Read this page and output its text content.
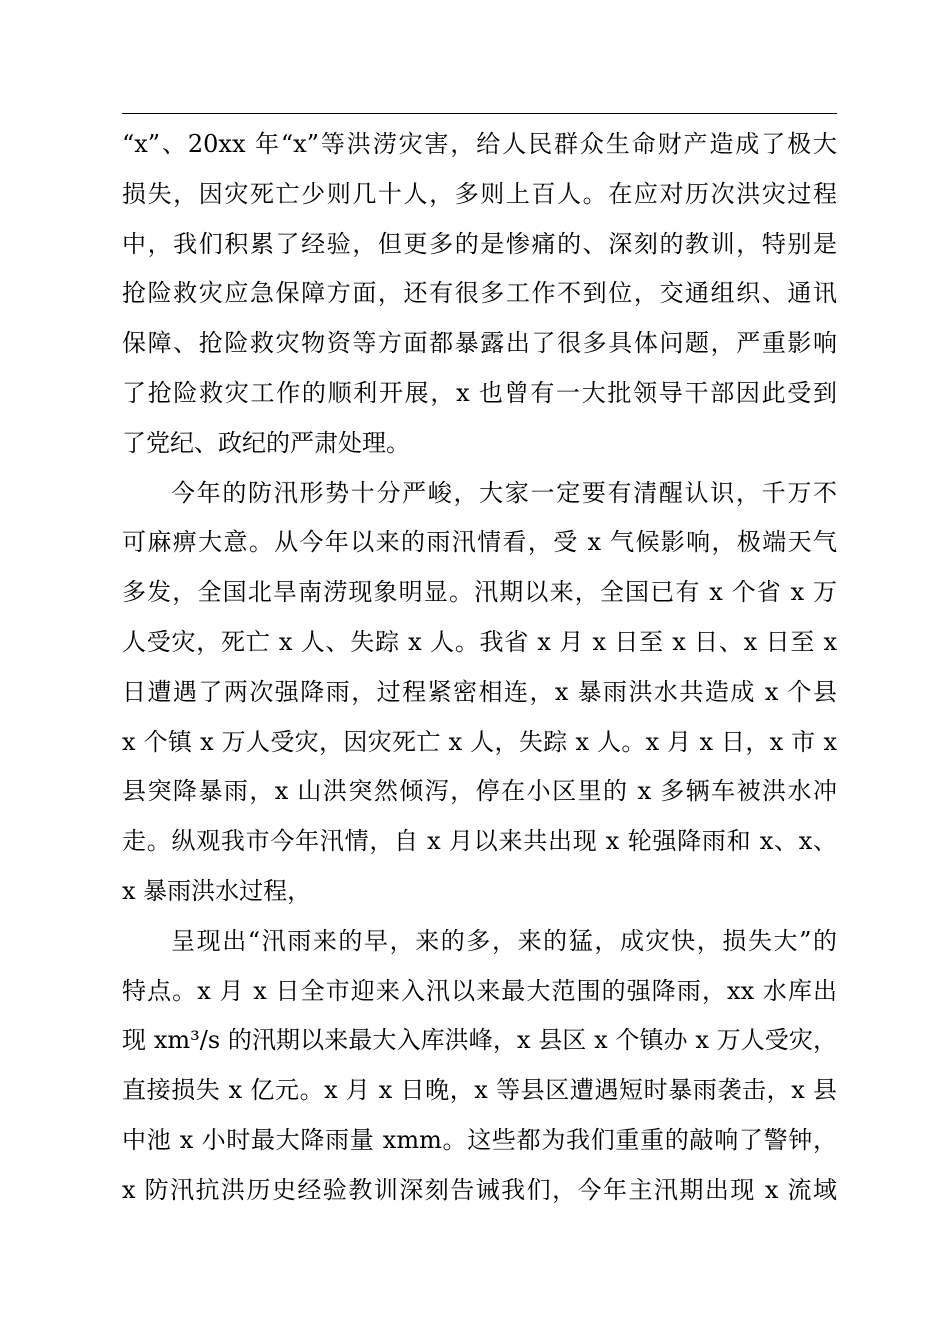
“x”、20xx 年“x”等洪涝灾害，给人民群众生命财产造成了极大
损失，因灾死亡少则几十人，多则上百人。在应对历次洪灾过程
中，我们积累了经验，但更多的是惨痛的、深刻的教训，特别是
抢险救灾应急保障方面，还有很多工作不到位，交通组织、通讯
保障、抢险救灾物资等方面都暴露出了很多具体问题，严重影响
了抢险救灾工作的顺利开展，x 也曾有一大批领导干部因此受到
了党纪、政纪的严肃处理。
今年的防汛形势十分严峻，大家一定要有清醒认识，千万不
可麻痹大意。从今年以来的雨汛情看，受 x 气候影响，极端天气
多发，全国北旱南涝现象明显。汛期以来，全国已有 x 个省 x 万
人受灾，死亡 x 人、失踪 x 人。我省 x 月 x 日至 x 日、x 日至 x
日遭遇了两次强降雨，过程紧密相连，x 暴雨洪水共造成 x 个县
x 个镇 x 万人受灾，因灾死亡 x 人，失踪 x 人。x 月 x 日，x 市 x
县突降暴雨，x 山洪突然倾泻，停在小区里的 x 多辆车被洪水冲
走。纵观我市今年汛情，自 x 月以来共出现 x 轮强降雨和 x、x、
x 暴雨洪水过程，
呈现出“汛雨来的早，来的多，来的猛，成灾快，损失大”的
特点。x 月 x 日全市迎来入汛以来最大范围的强降雨，xx 水库出
现 xm³/s 的汛期以来最大入库洪峰，x 县区 x 个镇办 x 万人受灾，
直接损失 x 亿元。x 月 x 日晚，x 等县区遭遇短时暴雨袭击，x 县
中池 x 小时最大降雨量 xmm。这些都为我们重重的敲响了警钟，
x 防汛抗洪历史经验教训深刻告诫我们，今年主汛期出现 x 流域
